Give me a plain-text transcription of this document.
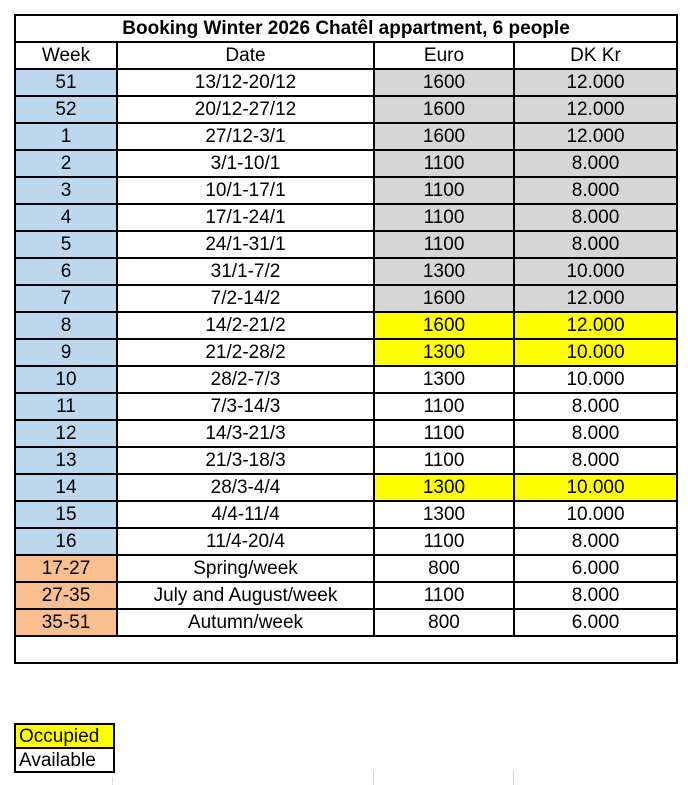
Booking Winter 2026 Chatêl appartment, 6 people			
Week	Date	Euro	DK Kr
51	13/12-20/12	1600	12.000
52	20/12-27/12	1600	12.000
1	27/12-3/1	1600	12.000
2	3/1-10/1	1100	8.000
3	10/1-17/1	1100	8.000
4	17/1-24/1	1100	8.000
5	24/1-31/1	1100	8.000
6	31/1-7/2	1300	10.000
7	7/2-14/2	1600	12.000
8	14/2-21/2	1600	12.000
9	21/2-28/2	1300	10.000
10	28/2-7/3	1300	10.000
11	7/3-14/3	1100	8.000
12	14/3-21/3	1100	8.000
13	21/3-18/3	1100	8.000
14	28/3-4/4	1300	10.000
15	4/4-11/4	1300	10.000
16	11/4-20/4	1100	8.000
17-27	Spring/week	800	6.000
27-35	July and August/week	1100	8.000
35-51	Autumn/week	800	6.000

Occupied
Available
